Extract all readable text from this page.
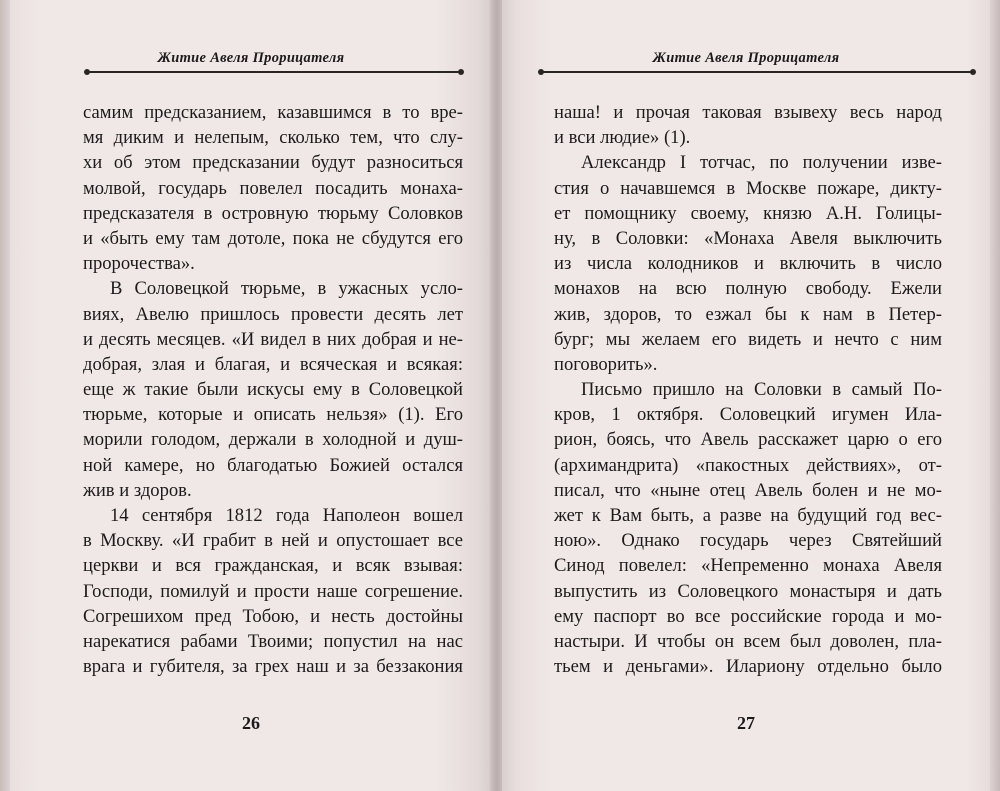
Житие Авеля Прорицателя
самим предсказанием, казавшимся в то вре-
мя диким и нелепым, сколько тем, что слу-
хи об этом предсказании будут разноситься
молвой, государь повелел посадить монаха-
предсказателя в островную тюрьму Соловков
и «быть ему там дотоле, пока не сбудутся его
пророчества».
В Соловецкой тюрьме, в ужасных усло-
виях, Авелю пришлось провести десять лет
и десять месяцев. «И видел в них добрая и не-
добрая, злая и благая, и всяческая и всякая:
еще ж такие были искусы ему в Соловецкой
тюрьме, которые и описать нельзя» (1). Его
морили голодом, держали в холодной и душ-
ной камере, но благодатью Божией остался
жив и здоров.
14 сентября 1812 года Наполеон вошел
в Москву. «И грабит в ней и опустошает все
церкви и вся гражданская, и всяк взывая:
Господи, помилуй и прости наше согрешение.
Согрешихом пред Тобою, и несть достойны
нарекатися рабами Твоими; попустил на нас
врага и губителя, за грех наш и за беззакония
26
Житие Авеля Прорицателя
наша! и прочая таковая взывеху весь народ
и вси людие» (1).
Александр I тотчас, по получении изве-
стия о начавшемся в Москве пожаре, дикту-
ет помощнику своему, князю А.Н. Голицы-
ну, в Соловки: «Монаха Авеля выключить
из числа колодников и включить в число
монахов на всю полную свободу. Ежели
жив, здоров, то езжал бы к нам в Петер-
бург; мы желаем его видеть и нечто с ним
поговорить».
Письмо пришло на Соловки в самый По-
кров, 1 октября. Соловецкий игумен Ила-
рион, боясь, что Авель расскажет царю о его
(архимандрита) «пакостных действиях», от-
писал, что «ныне отец Авель болен и не мо-
жет к Вам быть, а разве на будущий год вес-
ною». Однако государь через Святейший
Синод повелел: «Непременно монаха Авеля
выпустить из Соловецкого монастыря и дать
ему паспорт во все российские города и мо-
настыри. И чтобы он всем был доволен, пла-
тьем и деньгами». Илариону отдельно было
27
